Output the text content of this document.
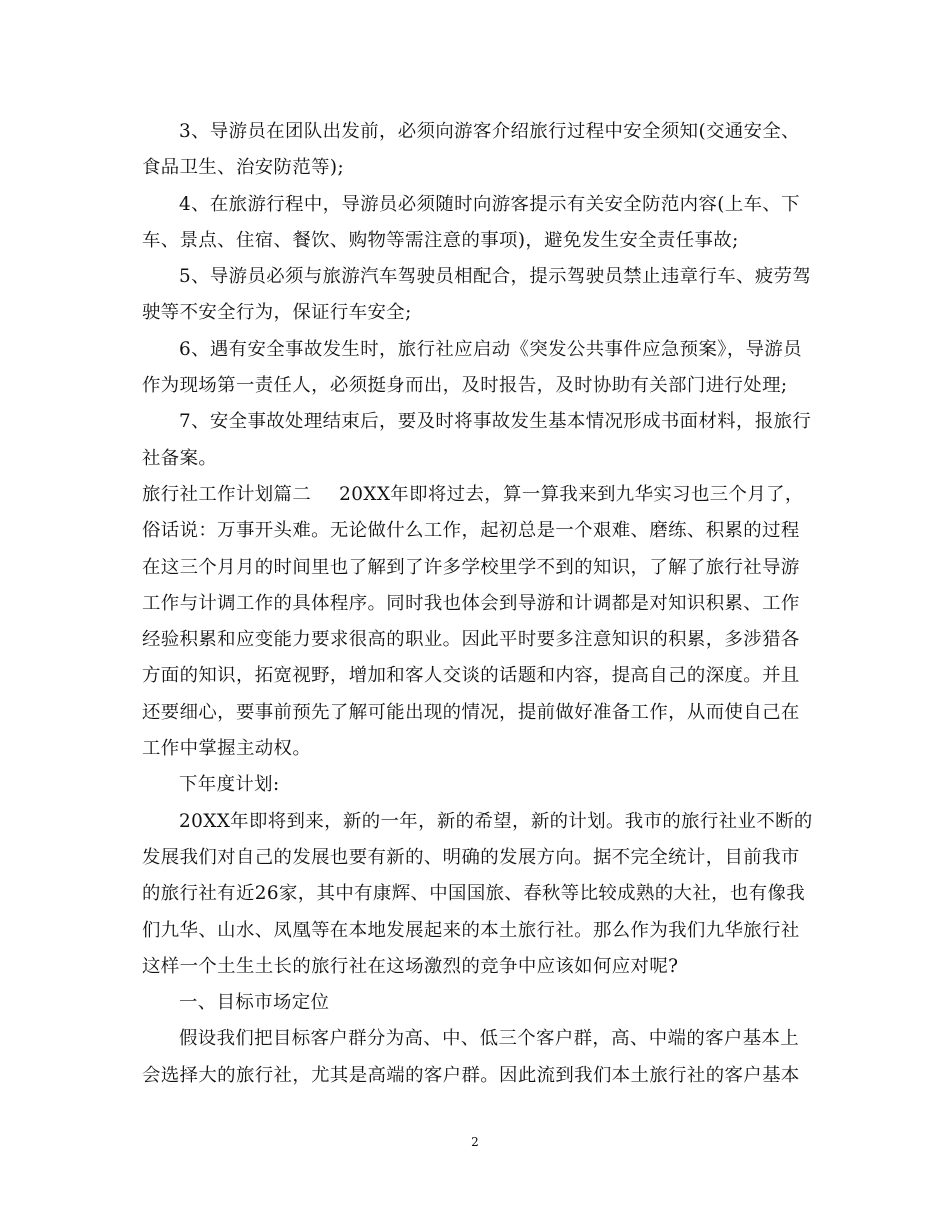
3、导游员在团队出发前，必须向游客介绍旅行过程中安全须知(交通安全、
食品卫生、治安防范等);

4、在旅游行程中，导游员必须随时向游客提示有关安全防范内容(上车、下
车、景点、住宿、餐饮、购物等需注意的事项)，避免发生安全责任事故;

5、导游员必须与旅游汽车驾驶员相配合，提示驾驶员禁止违章行车、疲劳驾
驶等不安全行为，保证行车安全;

6、遇有安全事故发生时，旅行社应启动《突发公共事件应急预案》，导游员
作为现场第一责任人，必须挺身而出，及时报告，及时协助有关部门进行处理;

7、安全事故处理结束后，要及时将事故发生基本情况形成书面材料，报旅行
社备案。

旅行社工作计划篇二 20XX年即将过去，算一算我来到九华实习也三个月了，
俗话说：万事开头难。无论做什么工作，起初总是一个艰难、磨练、积累的过程
在这三个月月的时间里也了解到了许多学校里学不到的知识，了解了旅行社导游
工作与计调工作的具体程序。同时我也体会到导游和计调都是对知识积累、工作
经验积累和应变能力要求很高的职业。因此平时要多注意知识的积累，多涉猎各
方面的知识，拓宽视野，增加和客人交谈的话题和内容，提高自己的深度。并且
还要细心，要事前预先了解可能出现的情况，提前做好准备工作，从而使自己在
工作中掌握主动权。

下年度计划:

20XX年即将到来，新的一年，新的希望，新的计划。我市的旅行社业不断的
发展我们对自己的发展也要有新的、明确的发展方向。据不完全统计，目前我市
的旅行社有近26家，其中有康辉、中国国旅、春秋等比较成熟的大社，也有像我
们九华、山水、凤凰等在本地发展起来的本土旅行社。那么作为我们九华旅行社
这样一个土生土长的旅行社在这场激烈的竞争中应该如何应对呢?

一、目标市场定位

假设我们把目标客户群分为高、中、低三个客户群，高、中端的客户基本上
会选择大的旅行社，尤其是高端的客户群。因此流到我们本土旅行社的客户基本

2
